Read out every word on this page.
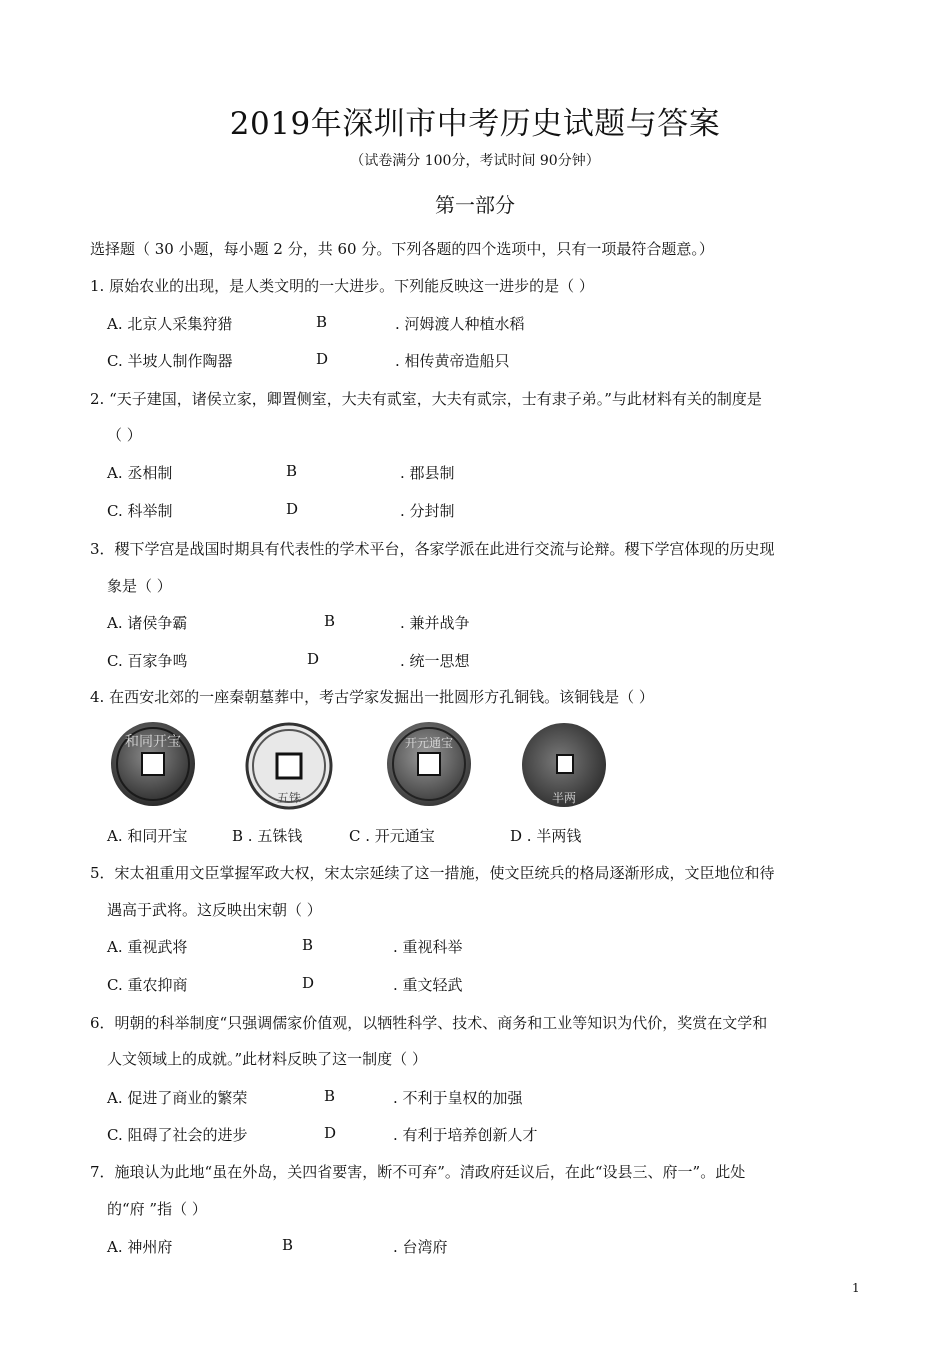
2019年深圳市中考历史试题与答案
（试卷满分 100分，考试时间 90分钟）
第一部分
选择题（ 30 小题，每小题 2 分，共 60 分。下列各题的四个选项中，只有一项最符合题意。）
1. 原始农业的出现，是人类文明的一大进步。下列能反映这一进步的是（ ）
A. 北京人采集狩猎	B	. 河姆渡人种植水稻
C. 半坡人制作陶器	D	. 相传黄帝造船只
2. “天子建国，诸侯立家，卿置侧室，大夫有贰室，大夫有贰宗，士有隶子弟。”与此材料有关的制度是
（ ）
A. 丞相制	B	. 郡县制
C. 科举制	D	. 分封制
3．稷下学宫是战国时期具有代表性的学术平台，各家学派在此进行交流与论辩。稷下学宫体现的历史现
象是（ ）
A. 诸侯争霸	B	. 兼并战争
C. 百家争鸣	D	. 统一思想
4. 在西安北郊的一座秦朝墓葬中，考古学家发掘出一批圆形方孔铜钱。该铜钱是（ ）
和同开宝
五铢
开元通宝
半两
A. 和同开宝	B . 五铢钱	C . 开元通宝	D . 半两钱
5．宋太祖重用文臣掌握军政大权，宋太宗延续了这一措施，使文臣统兵的格局逐渐形成，文臣地位和待
遇高于武将。这反映出宋朝（ ）
A. 重视武将	B	. 重视科举
C. 重农抑商	D	. 重文轻武
6．明朝的科举制度“只强调儒家价值观，以牺牲科学、技术、商务和工业等知识为代价，奖赏在文学和
人文领域上的成就。”此材料反映了这一制度（ ）
A. 促进了商业的繁荣	B	. 不利于皇权的加强
C. 阻碍了社会的进步	D	. 有利于培养创新人才
7．施琅认为此地“虽在外岛，关四省要害，断不可弃”。清政府廷议后，在此“设县三、府一”。此处
的“府 ”指（ ）
A. 神州府	B	. 台湾府
1
